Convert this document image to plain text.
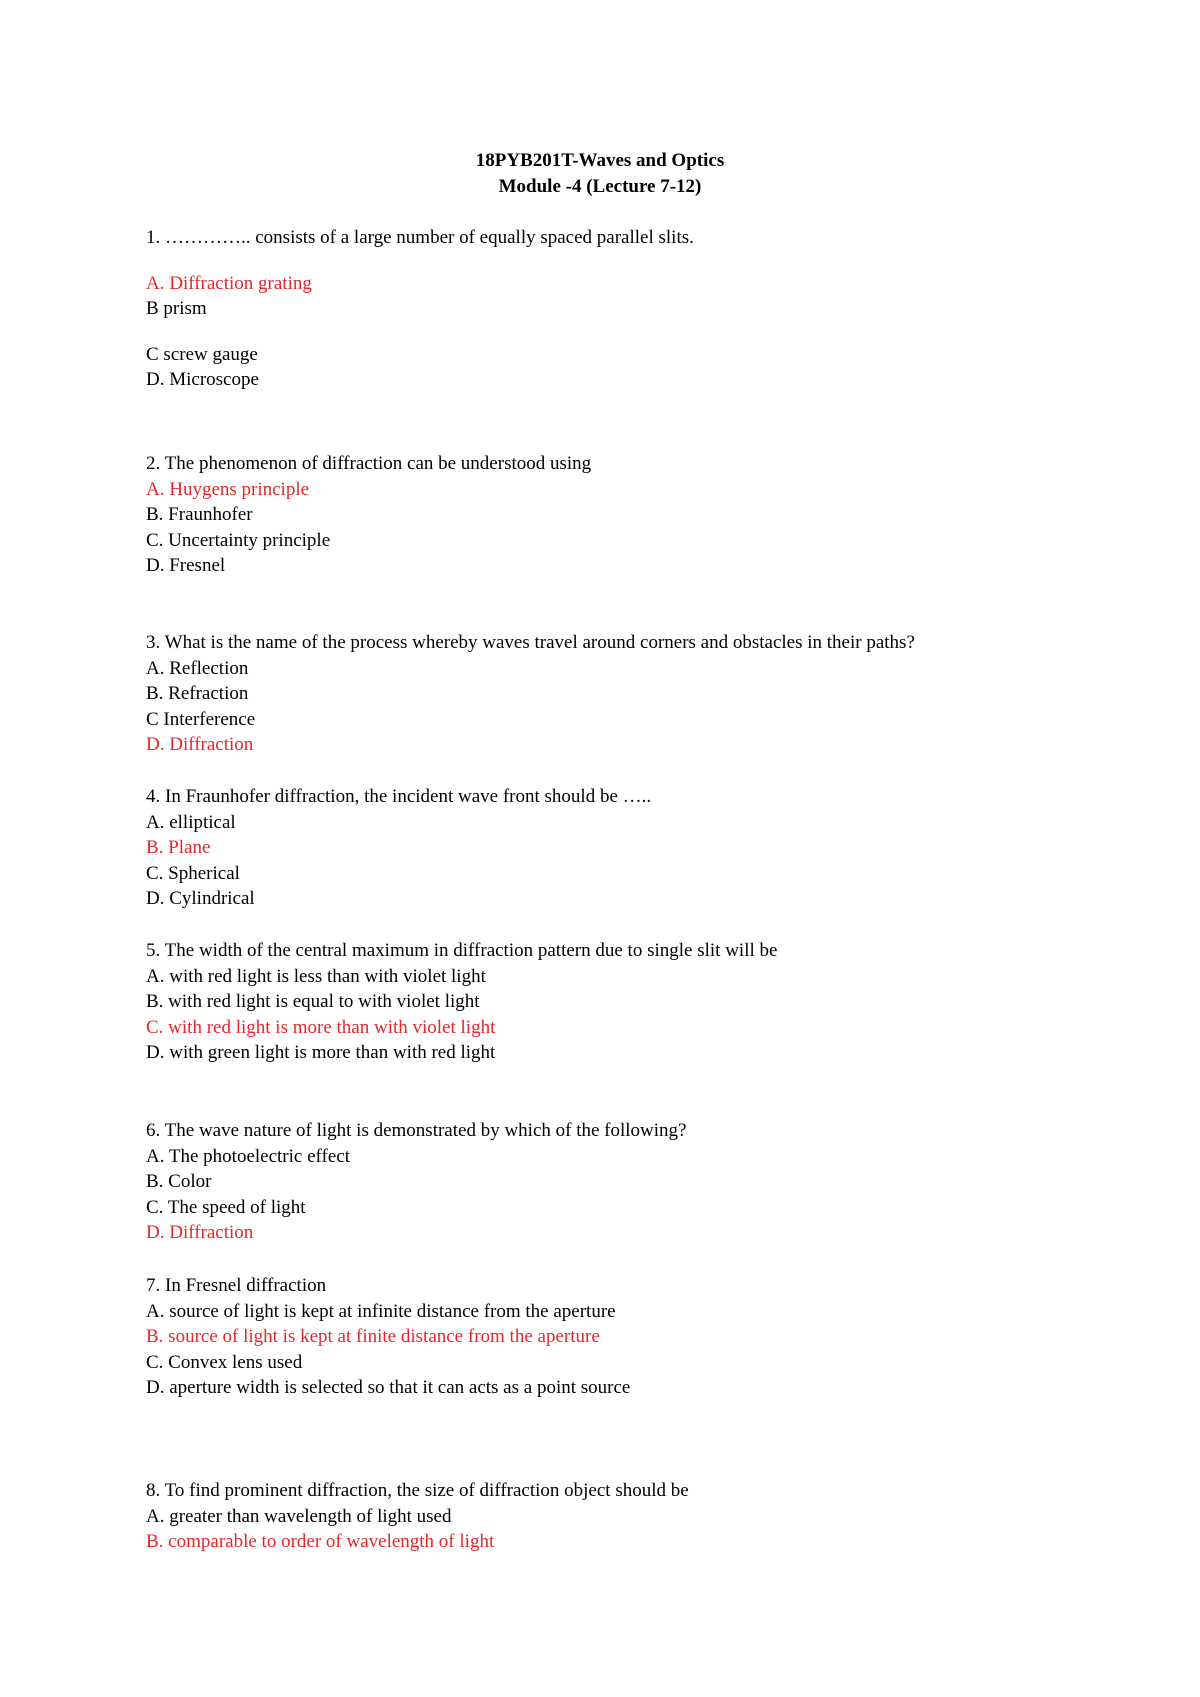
18PYB201T-Waves and Optics
Module -4 (Lecture 7-12)
1. ………….. consists of a large number of equally spaced parallel slits.
A. Diffraction grating
B prism
C screw gauge
D. Microscope
2. The phenomenon of diffraction can be understood using
A. Huygens principle
B. Fraunhofer
C. Uncertainty principle
D. Fresnel
3. What is the name of the process whereby waves travel around corners and obstacles in their paths?
A. Reflection
B. Refraction
C Interference
D. Diffraction
4. In Fraunhofer diffraction, the incident wave front should be …..
A. elliptical
B. Plane
C. Spherical
D. Cylindrical
5. The width of the central maximum in diffraction pattern due to single slit will be
A. with red light is less than with violet light
B. with red light is equal to with violet light
C. with red light is more than with violet light
D. with green light is more than with red light
6. The wave nature of light is demonstrated by which of the following?
A. The photoelectric effect
B. Color
C. The speed of light
D. Diffraction
7. In Fresnel diffraction
A. source of light is kept at infinite distance from the aperture
B. source of light is kept at finite distance from the aperture
C. Convex lens used
D. aperture width is selected so that it can acts as a point source
8. To find prominent diffraction, the size of diffraction object should be
A. greater than wavelength of light used
B. comparable to order of wavelength of light
